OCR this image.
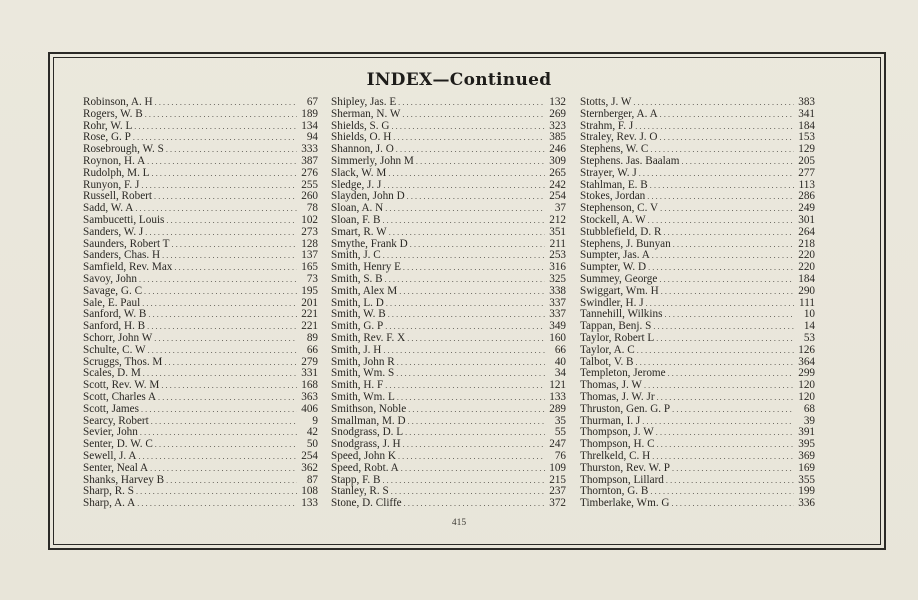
INDEX—Continued
Robinson, A. H .....	67
Rogers, W. B .....	189
Rohr, W. L .....	134
Rose, G. P .....	94
Rosebrough, W. S .....	333
Roynon, H. A .....	387
Rudolph, M. L .....	276
Runyon, F. J .....	255
Russell, Robert .....	260
Sadd, W. A .....	78
Sambucetti, Louis .....	102
Sanders, W. J .....	273
Saunders, Robert T .....	128
Sanders, Chas. H .....	137
Samfield, Rev. Max .....	165
Savoy, John .....	73
Savage, G. C .....	195
Sale, E. Paul .....	201
Sanford, W. B .....	221
Sanford, H. B .....	221
Schorr, John W .....	89
Schulte, C. W .....	66
Scruggs, Thos. M .....	279
Scales, D. M .....	331
Scott, Rev. W. M .....	168
Scott, Charles A .....	363
Scott, James .....	406
Searcy, Robert .....	9
Sevier, John .....	42
Senter, D. W. C .....	50
Sewell, J. A .....	254
Senter, Neal A .....	362
Shanks, Harvey B .....	87
Sharp, R. S .....	108
Sharp, A. A .....	133
Shipley, Jas. E .....	132
Sherman, N. W .....	269
Shields, S. G .....	323
Shields, O. H .....	385
Shannon, J. O .....	246
Simmerly, John M .....	309
Slack, W. M .....	265
Sledge, J. J .....	242
Slayden, John D .....	254
Sloan, A. N .....	37
Sloan, F. B .....	212
Smart, R. W .....	351
Smythe, Frank D .....	211
Smith, J. C .....	253
Smith, Henry E .....	316
Smith, S. B .....	325
Smith, Alex M .....	338
Smith, L. D .....	337
Smith, W. B .....	337
Smith, G. P .....	349
Smith, Rev. F. X .....	160
Smith, J. H .....	66
Smith, John R .....	40
Smith, Wm. S .....	34
Smith, H. F .....	121
Smith, Wm. L .....	133
Smithson, Noble .....	289
Smallman, M. D .....	35
Snodgrass, D. L .....	55
Snodgrass, J. H .....	247
Speed, John K .....	76
Speed, Robt. A .....	109
Stapp, F. B .....	215
Stanley, R. S .....	237
Stone, D. Cliffe .....	372
Stotts, J. W .....	383
Sternberger, A. A .....	341
Strahm, F. J .....	184
Straley, Rev. J. O .....	153
Stephens, W. C .....	129
Stephens. Jas. Baalam .....	205
Strayer, W. J .....	277
Stahlman, E. B .....	113
Stokes, Jordan .....	286
Stephenson, C. V .....	249
Stockell, A. W .....	301
Stubblefield, D. R .....	264
Stephens, J. Bunyan .....	218
Sumpter, Jas. A .....	220
Sumpter, W. D .....	220
Summey, George .....	184
Swiggart, Wm. H .....	290
Swindler, H. J .....	111
Tannehill, Wilkins .....	10
Tappan, Benj. S .....	14
Taylor, Robert L .....	53
Taylor, A. C .....	126
Talbot, V. B .....	364
Templeton, Jerome .....	299
Thomas, J. W .....	120
Thomas, J. W. Jr .....	120
Thruston, Gen. G. P .....	68
Thurman, I. J .....	39
Thompson, J. W .....	391
Thompson, H. C .....	395
Threlkeld, C. H .....	369
Thurston, Rev. W. P .....	169
Thompson, Lillard .....	355
Thornton, G. B .....	199
Timberlake, Wm. G .....	336
415
